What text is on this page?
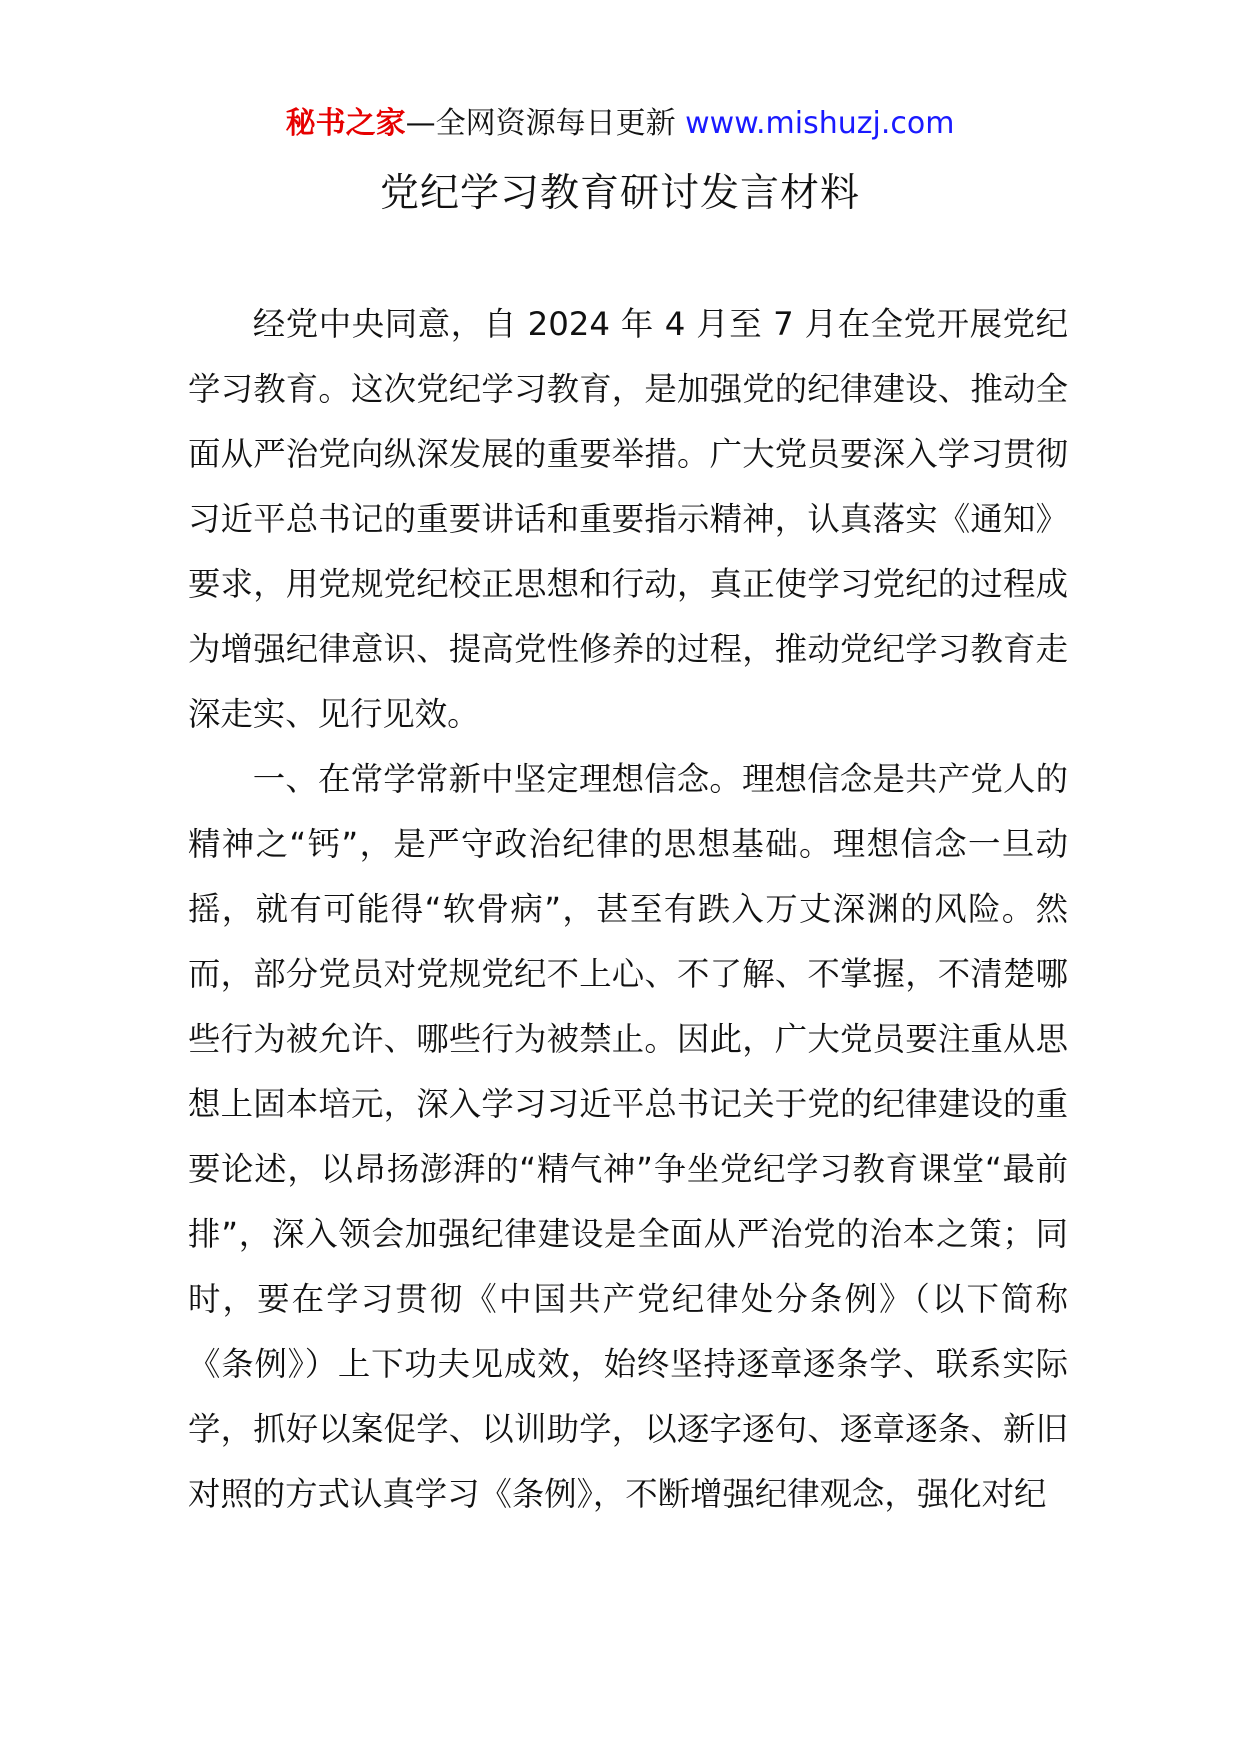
秘书之家—全网资源每日更新 www.mishuzj.com
党纪学习教育研讨发言材料

经党中央同意，自 2024 年 4 月至 7 月在全党开展党纪学习教育。这次党纪学习教育，是加强党的纪律建设、推动全面从严治党向纵深发展的重要举措。广大党员要深入学习贯彻习近平总书记的重要讲话和重要指示精神，认真落实《通知》要求，用党规党纪校正思想和行动，真正使学习党纪的过程成为增强纪律意识、提高党性修养的过程，推动党纪学习教育走深走实、见行见效。

一、在常学常新中坚定理想信念。理想信念是共产党人的精神之“钙”，是严守政治纪律的思想基础。理想信念一旦动摇，就有可能得“软骨病”，甚至有跌入万丈深渊的风险。然而，部分党员对党规党纪不上心、不了解、不掌握，不清楚哪些行为被允许、哪些行为被禁止。因此，广大党员要注重从思想上固本培元，深入学习习近平总书记关于党的纪律建设的重要论述，以昂扬澎湃的“精气神”争坐党纪学习教育课堂“最前排”，深入领会加强纪律建设是全面从严治党的治本之策；同时，要在学习贯彻《中国共产党纪律处分条例》（以下简称《条例》）上下功夫见成效，始终坚持逐章逐条学、联系实际学，抓好以案促学、以训助学，以逐字逐句、逐章逐条、新旧对照的方式认真学习《条例》，不断增强纪律观念，强化对纪
